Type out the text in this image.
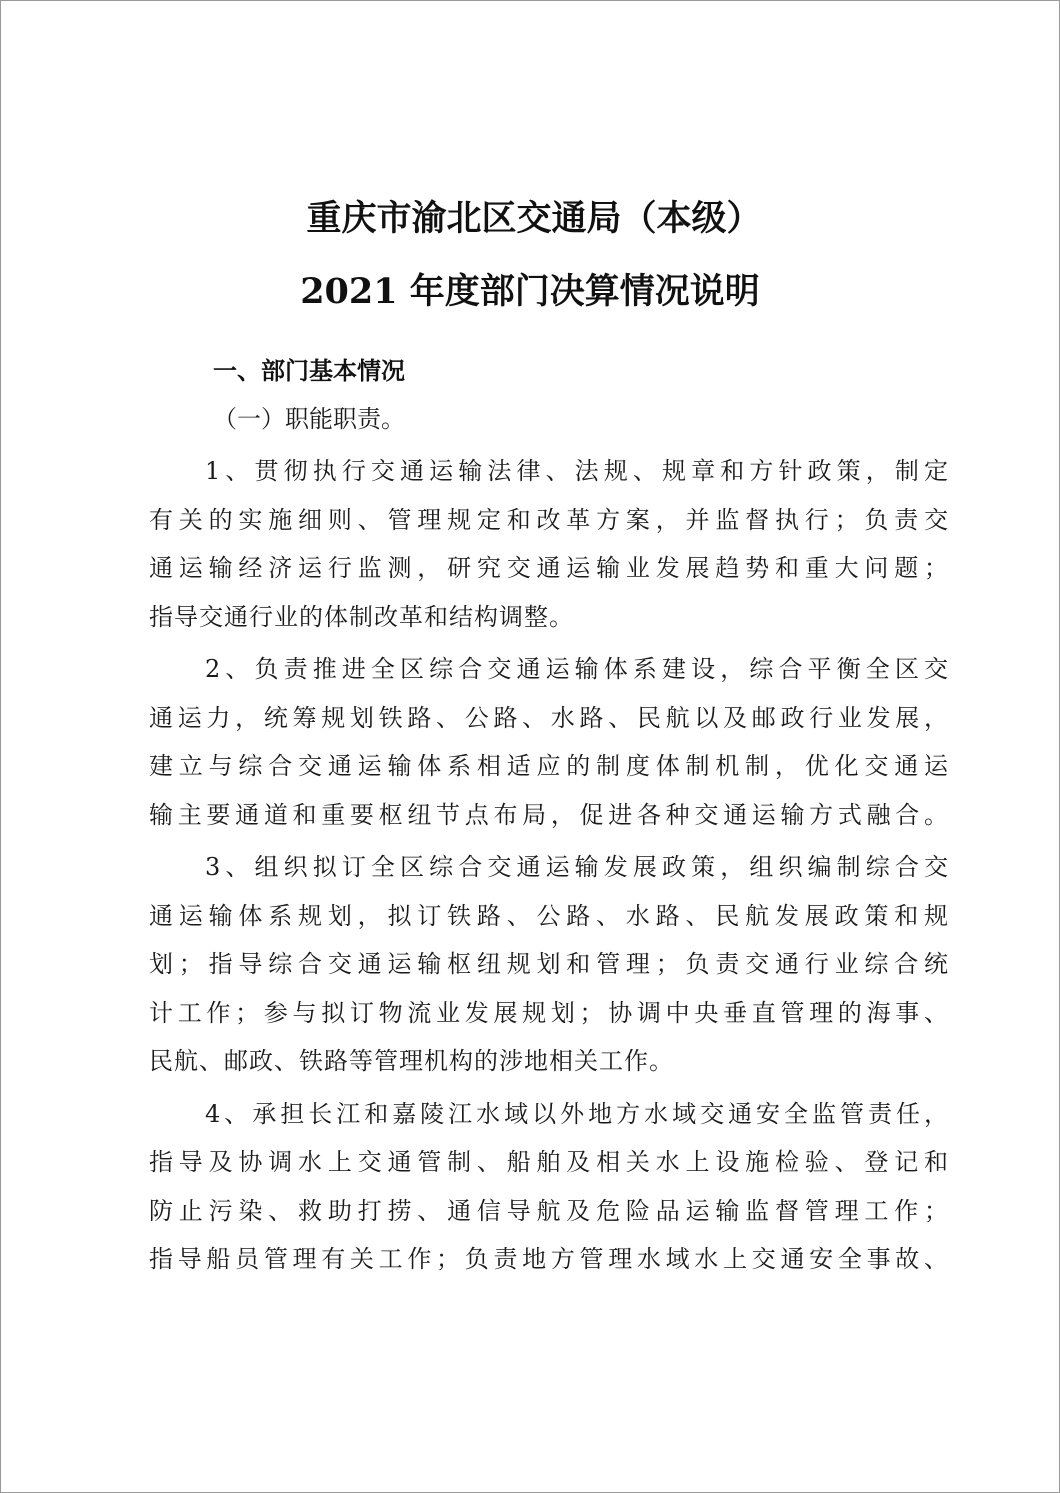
重庆市渝北区交通局（本级）
2021 年度部门决算情况说明
一、部门基本情况
（一）职能职责。
1、贯彻执行交通运输法律、法规、规章和方针政策，制定
有关的实施细则、管理规定和改革方案，并监督执行；负责交
通运输经济运行监测，研究交通运输业发展趋势和重大问题；
指导交通行业的体制改革和结构调整。
2、负责推进全区综合交通运输体系建设，综合平衡全区交
通运力，统筹规划铁路、公路、水路、民航以及邮政行业发展，
建立与综合交通运输体系相适应的制度体制机制，优化交通运
输主要通道和重要枢纽节点布局，促进各种交通运输方式融合。
3、组织拟订全区综合交通运输发展政策，组织编制综合交
通运输体系规划，拟订铁路、公路、水路、民航发展政策和规
划；指导综合交通运输枢纽规划和管理；负责交通行业综合统
计工作；参与拟订物流业发展规划；协调中央垂直管理的海事、
民航、邮政、铁路等管理机构的涉地相关工作。
4、承担长江和嘉陵江水域以外地方水域交通安全监管责任，
指导及协调水上交通管制、船舶及相关水上设施检验、登记和
防止污染、救助打捞、通信导航及危险品运输监督管理工作；
指导船员管理有关工作；负责地方管理水域水上交通安全事故、
